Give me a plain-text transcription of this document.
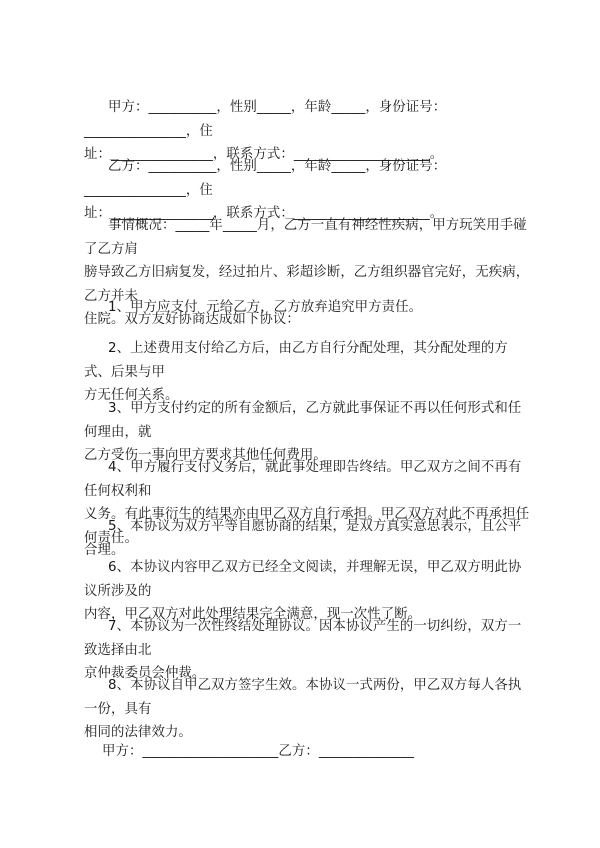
甲方：__________，性别_____，年龄_____，身份证号：_______________，住
址：_______________，联系方式：____________________。

乙方：__________，性别_____，年龄_____，身份证号：_______________，住
址：_______________，联系方式：____________________。

事情概况：_____年_____月，乙方一直有神经性疾病，甲方玩笑用手碰了乙方肩
膀导致乙方旧病复发，经过拍片、彩超诊断，乙方组织器官完好，无疾病，乙方并未
住院。双方友好协商达成如下协议：

1、甲方应支付  元给乙方，乙方放弃追究甲方责任。

2、上述费用支付给乙方后，由乙方自行分配处理，其分配处理的方式、后果与甲
方无任何关系。

3、甲方支付约定的所有金额后，乙方就此事保证不再以任何形式和任何理由，就
乙方受伤一事向甲方要求其他任何费用。

4、甲方履行支付义务后，就此事处理即告终结。甲乙双方之间不再有任何权利和
义务。有此事衍生的结果亦由甲乙双方自行承担。甲乙双方对此不再承担任何责任。

5、本协议为双方平等自愿协商的结果，是双方真实意思表示，且公平合理。

6、本协议内容甲乙双方已经全文阅读，并理解无误，甲乙双方明此协议所涉及的
内容，甲乙双方对此处理结果完全满意，现一次性了断。

7、本协议为一次性终结处理协议。因本协议产生的一切纠纷，双方一致选择由北
京仲裁委员会仲裁。

8、本协议自甲乙双方签字生效。本协议一式两份，甲乙双方每人各执一份，具有
相同的法律效力。

甲方：____________________乙方：______________
